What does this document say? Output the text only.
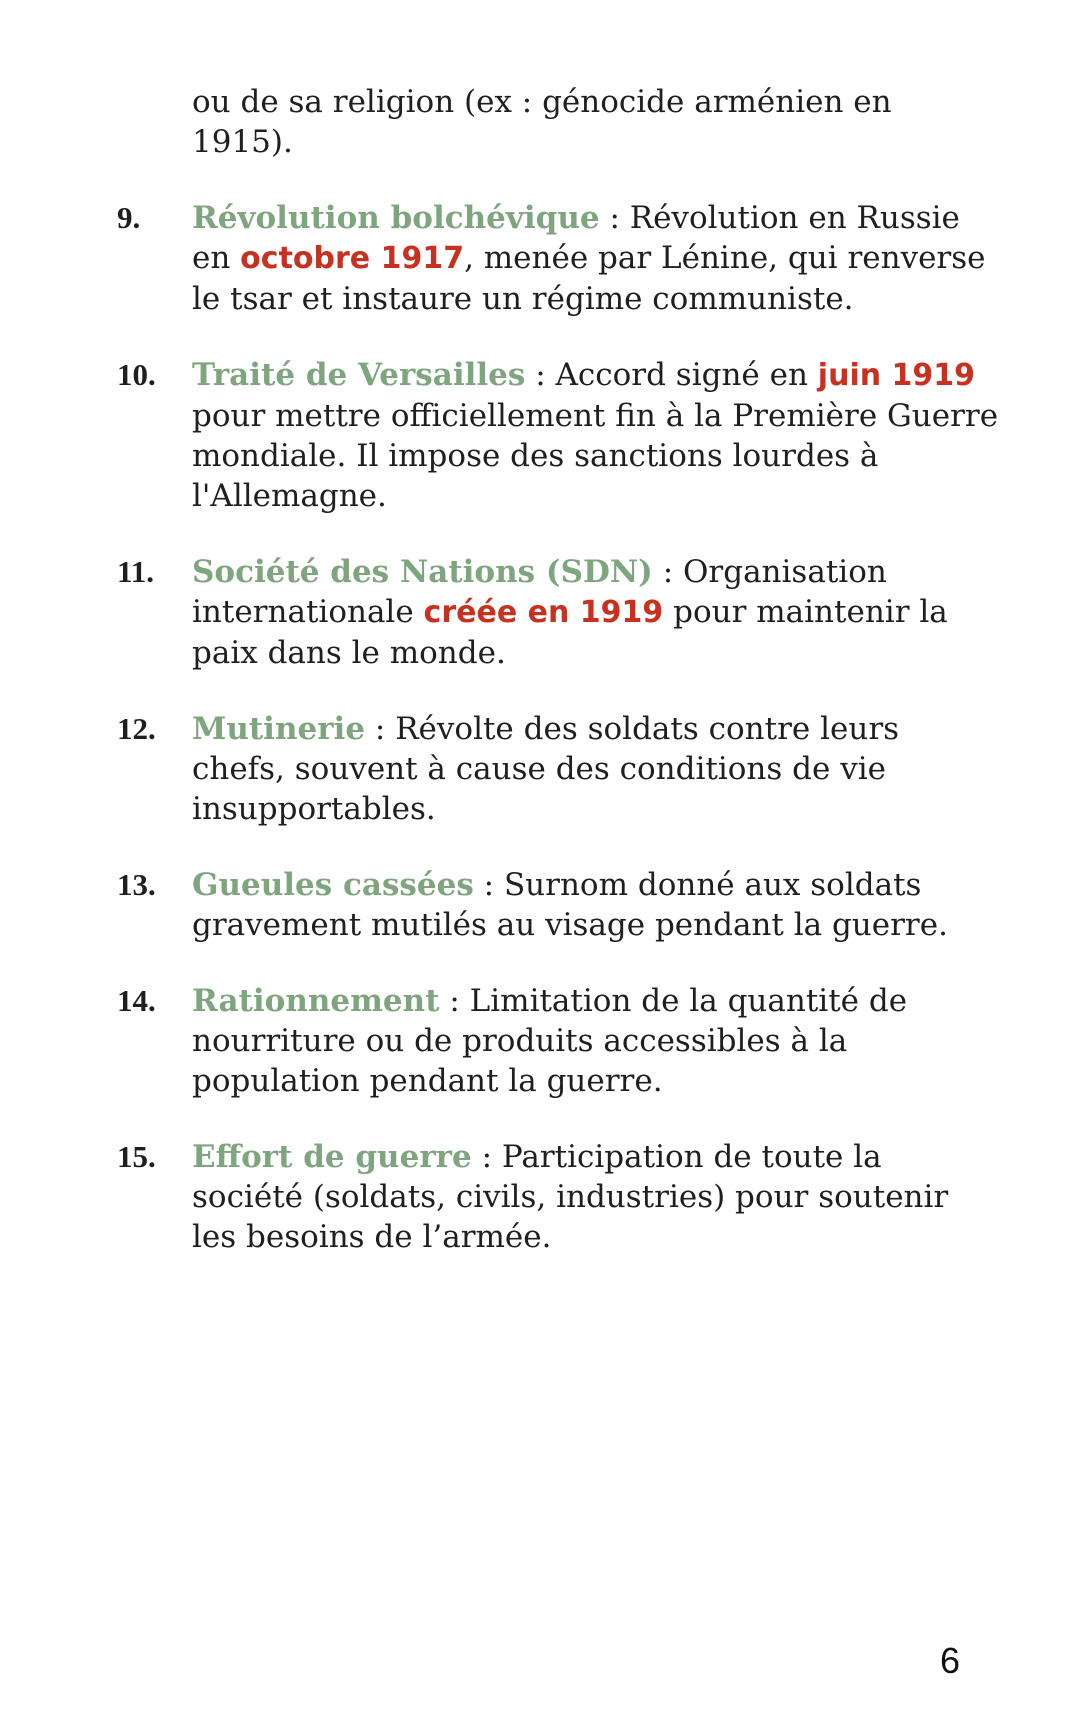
ou de sa religion (ex : génocide arménien en 1915).

9. Révolution bolchévique : Révolution en Russie en octobre 1917, menée par Lénine, qui renverse le tsar et instaure un régime communiste.
10. Traité de Versailles : Accord signé en juin 1919 pour mettre officiellement fin à la Première Guerre mondiale. Il impose des sanctions lourdes à l'Allemagne.
11. Société des Nations (SDN) : Organisation internationale créée en 1919 pour maintenir la paix dans le monde.
12. Mutinerie : Révolte des soldats contre leurs chefs, souvent à cause des conditions de vie insupportables.
13. Gueules cassées : Surnom donné aux soldats gravement mutilés au visage pendant la guerre.
14. Rationnement : Limitation de la quantité de nourriture ou de produits accessibles à la population pendant la guerre.
15. Effort de guerre : Participation de toute la société (soldats, civils, industries) pour soutenir les besoins de l’armée.
6
